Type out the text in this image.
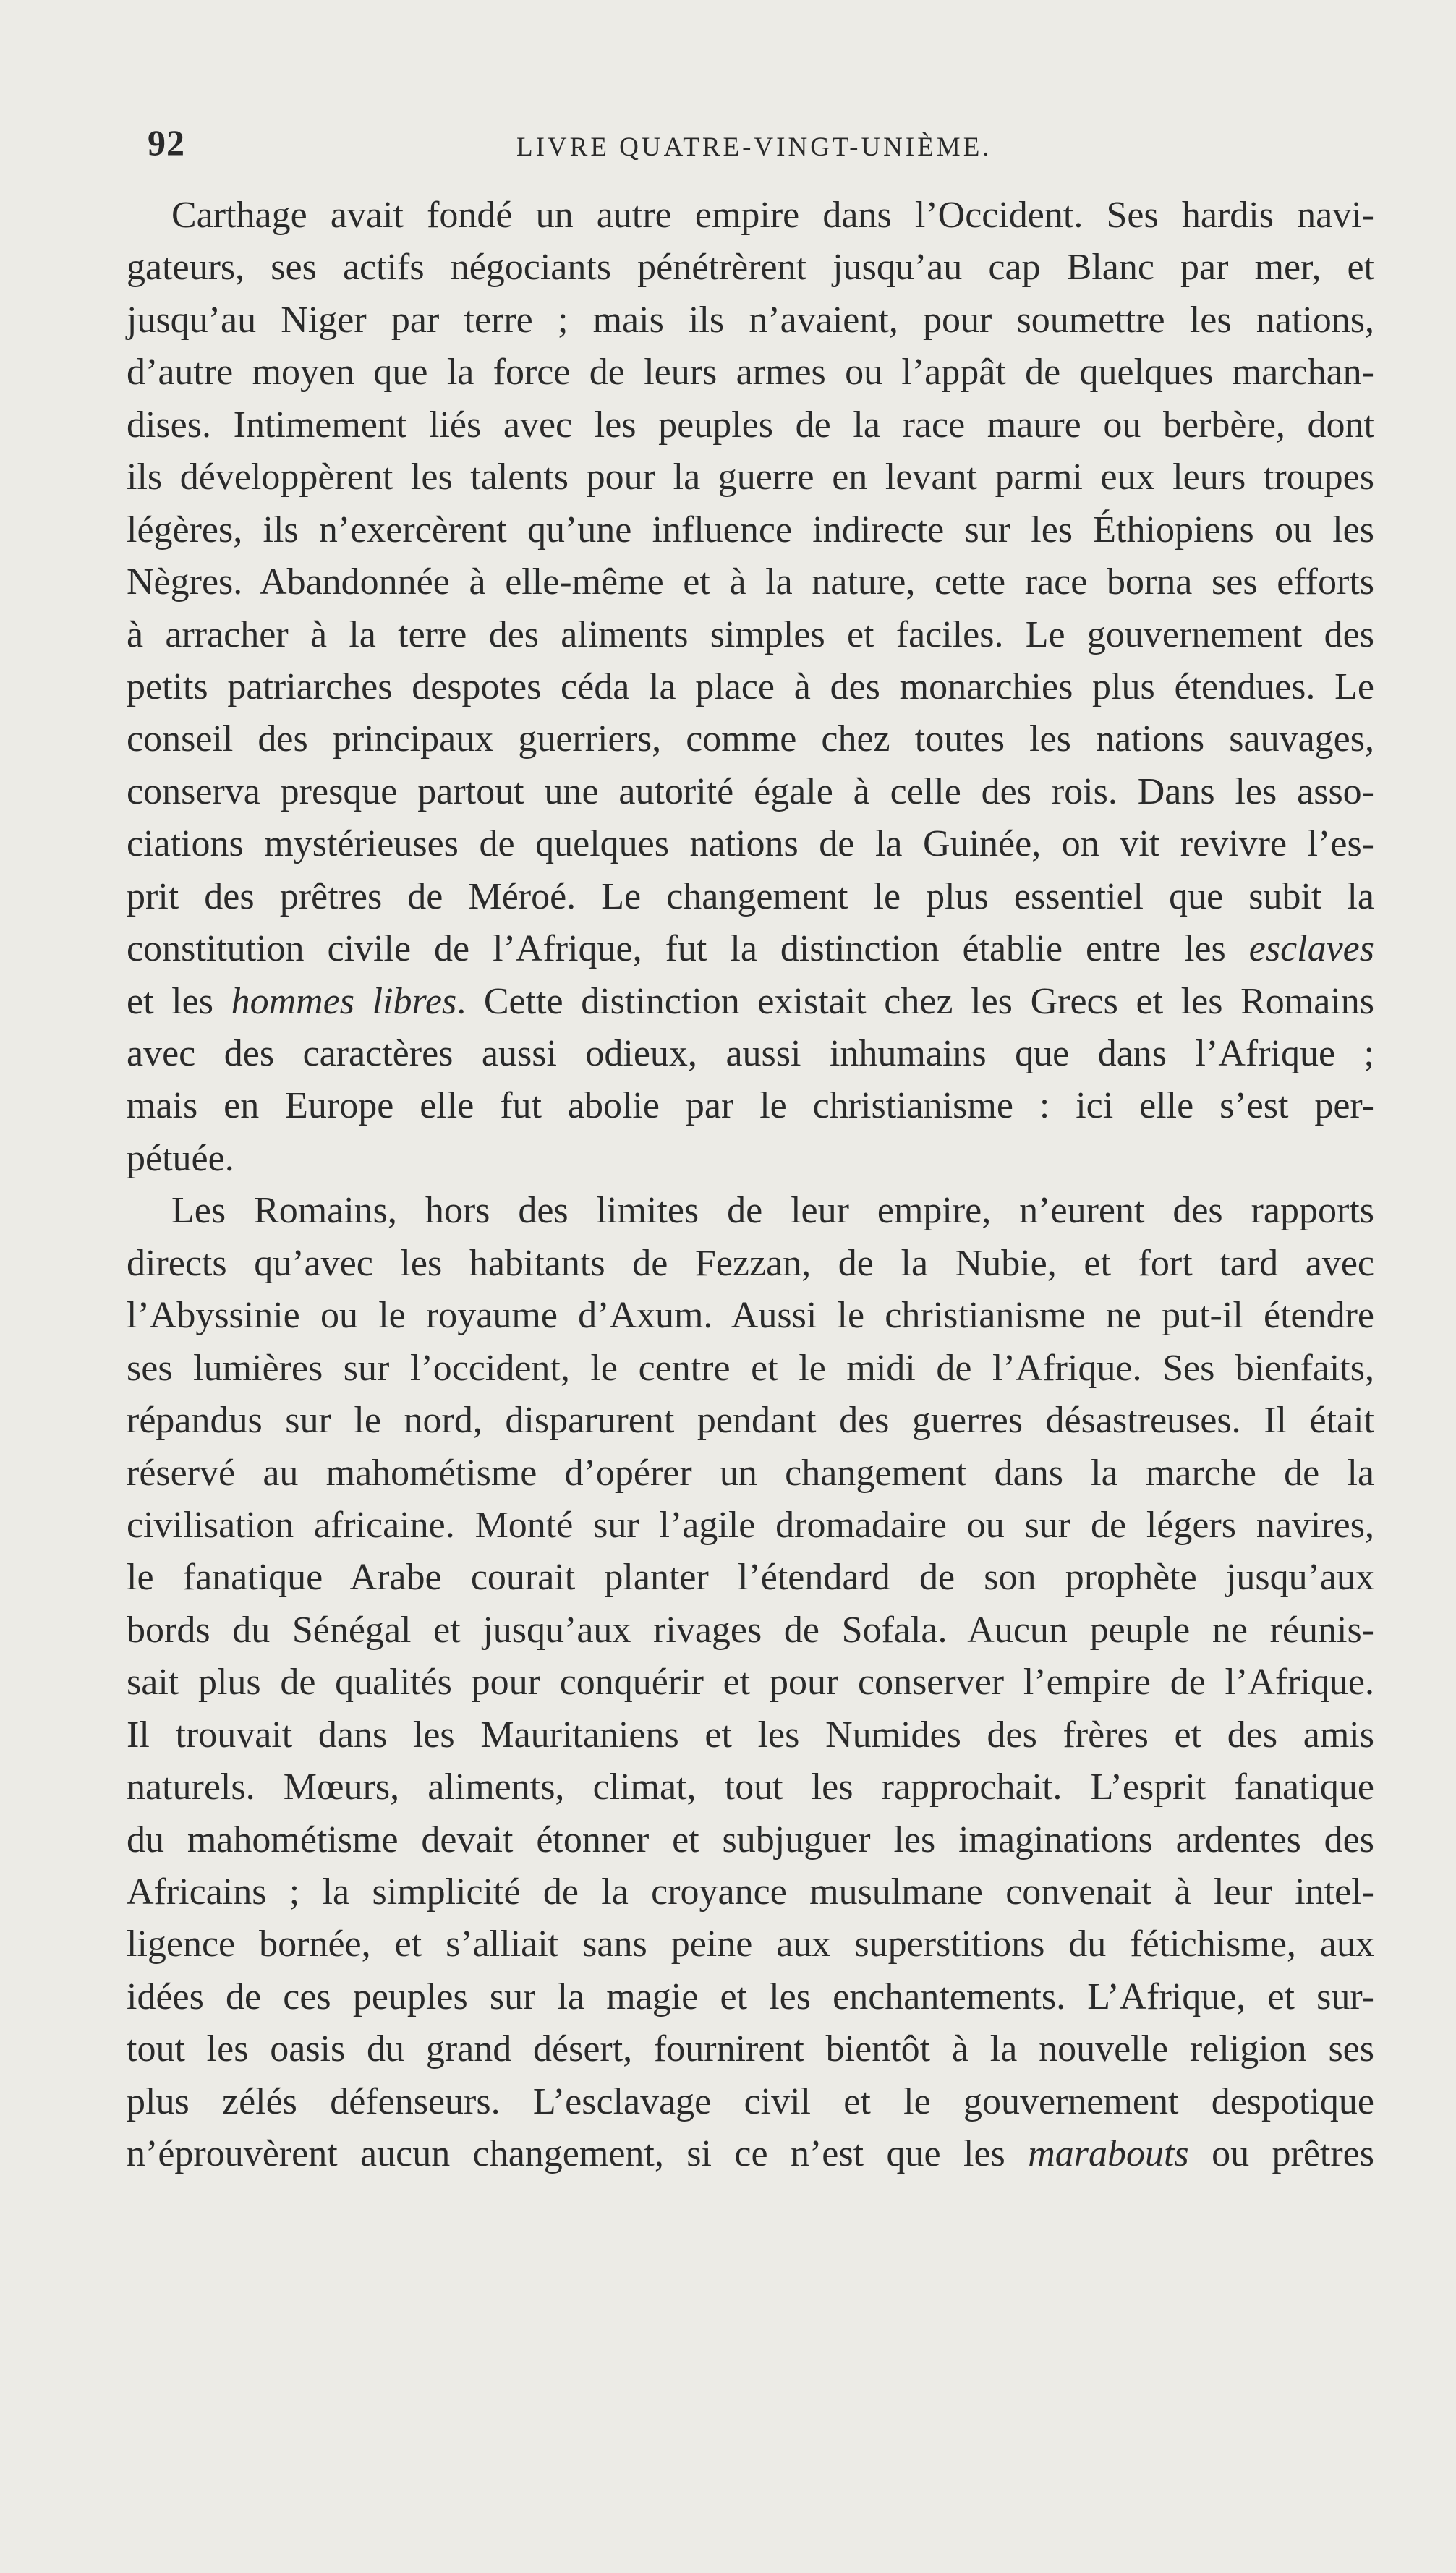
92	LIVRE QUATRE-VINGT-UNIÈME.
Carthage avait fondé un autre empire dans l’Occident. Ses hardis navi-
gateurs, ses actifs négociants pénétrèrent jusqu’au cap Blanc par mer, et
jusqu’au Niger par terre ; mais ils n’avaient, pour soumettre les nations,
d’autre moyen que la force de leurs armes ou l’appât de quelques marchan-
dises. Intimement liés avec les peuples de la race maure ou berbère, dont
ils développèrent les talents pour la guerre en levant parmi eux leurs troupes
légères, ils n’exercèrent qu’une influence indirecte sur les Éthiopiens ou les
Nègres. Abandonnée à elle-même et à la nature, cette race borna ses efforts
à arracher à la terre des aliments simples et faciles. Le gouvernement des
petits patriarches despotes céda la place à des monarchies plus étendues. Le
conseil des principaux guerriers, comme chez toutes les nations sauvages,
conserva presque partout une autorité égale à celle des rois. Dans les asso-
ciations mystérieuses de quelques nations de la Guinée, on vit revivre l’es-
prit des prêtres de Méroé. Le changement le plus essentiel que subit la
constitution civile de l’Afrique, fut la distinction établie entre les esclaves
et les hommes libres. Cette distinction existait chez les Grecs et les Romains
avec des caractères aussi odieux, aussi inhumains que dans l’Afrique ;
mais en Europe elle fut abolie par le christianisme : ici elle s’est per-
pétuée.
Les Romains, hors des limites de leur empire, n’eurent des rapports
directs qu’avec les habitants de Fezzan, de la Nubie, et fort tard avec
l’Abyssinie ou le royaume d’Axum. Aussi le christianisme ne put-il étendre
ses lumières sur l’occident, le centre et le midi de l’Afrique. Ses bienfaits,
répandus sur le nord, disparurent pendant des guerres désastreuses. Il était
réservé au mahométisme d’opérer un changement dans la marche de la
civilisation africaine. Monté sur l’agile dromadaire ou sur de légers navires,
le fanatique Arabe courait planter l’étendard de son prophète jusqu’aux
bords du Sénégal et jusqu’aux rivages de Sofala. Aucun peuple ne réunis-
sait plus de qualités pour conquérir et pour conserver l’empire de l’Afrique.
Il trouvait dans les Mauritaniens et les Numides des frères et des amis
naturels. Mœurs, aliments, climat, tout les rapprochait. L’esprit fanatique
du mahométisme devait étonner et subjuguer les imaginations ardentes des
Africains ; la simplicité de la croyance musulmane convenait à leur intel-
ligence bornée, et s’alliait sans peine aux superstitions du fétichisme, aux
idées de ces peuples sur la magie et les enchantements. L’Afrique, et sur-
tout les oasis du grand désert, fournirent bientôt à la nouvelle religion ses
plus zélés défenseurs. L’esclavage civil et le gouvernement despotique
n’éprouvèrent aucun changement, si ce n’est que les marabouts ou prêtres
